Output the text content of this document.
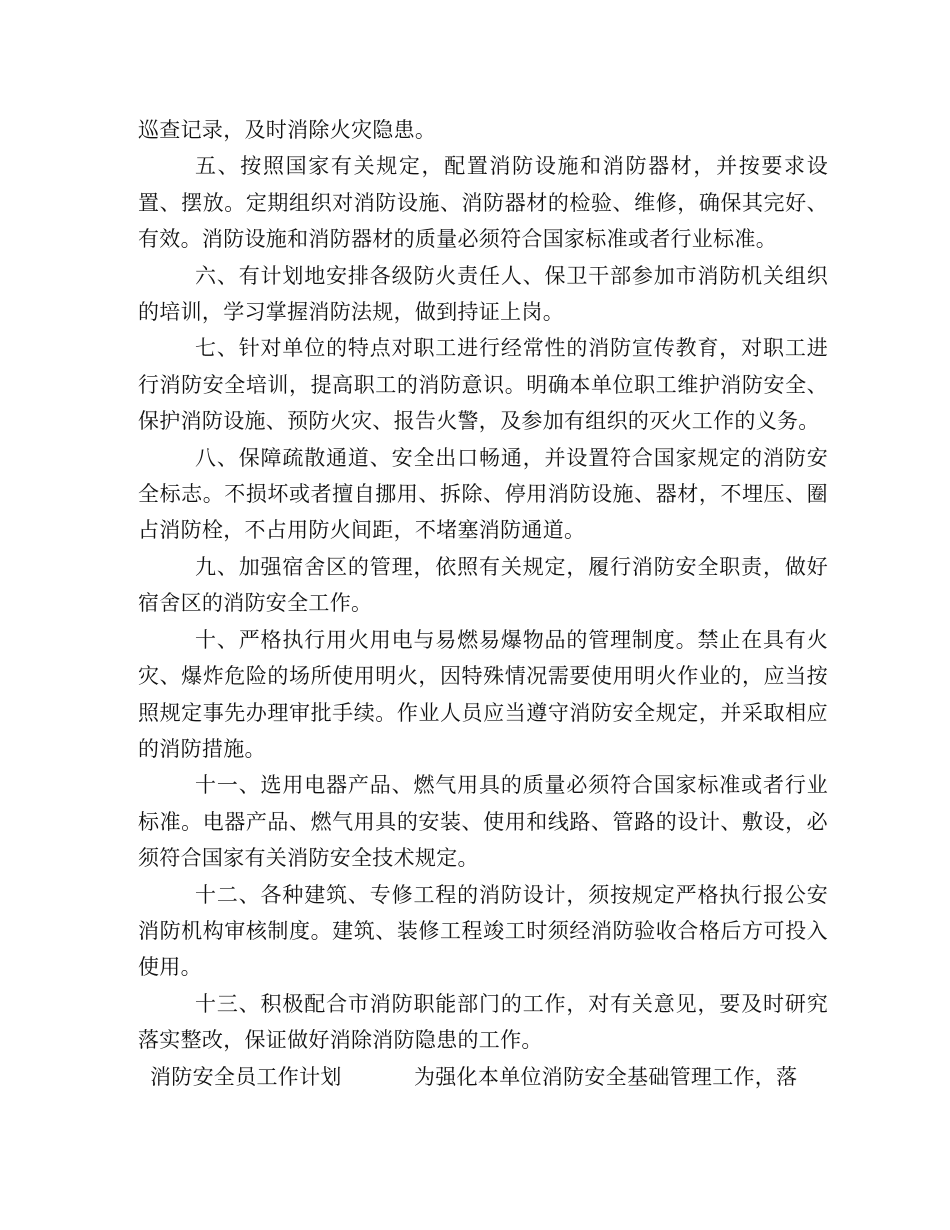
巡查记录，及时消除火灾隐患。

五、按照国家有关规定，配置消防设施和消防器材，并按要求设置、摆放。定期组织对消防设施、消防器材的检验、维修，确保其完好、有效。消防设施和消防器材的质量必须符合国家标准或者行业标准。

六、有计划地安排各级防火责任人、保卫干部参加市消防机关组织的培训，学习掌握消防法规，做到持证上岗。

七、针对单位的特点对职工进行经常性的消防宣传教育，对职工进行消防安全培训，提高职工的消防意识。明确本单位职工维护消防安全、保护消防设施、预防火灾、报告火警，及参加有组织的灭火工作的义务。

八、保障疏散通道、安全出口畅通，并设置符合国家规定的消防安全标志。不损坏或者擅自挪用、拆除、停用消防设施、器材，不埋压、圈占消防栓，不占用防火间距，不堵塞消防通道。

九、加强宿舍区的管理，依照有关规定，履行消防安全职责，做好宿舍区的消防安全工作。

十、严格执行用火用电与易燃易爆物品的管理制度。禁止在具有火灾、爆炸危险的场所使用明火，因特殊情况需要使用明火作业的，应当按照规定事先办理审批手续。作业人员应当遵守消防安全规定，并采取相应的消防措施。

十一、选用电器产品、燃气用具的质量必须符合国家标准或者行业标准。电器产品、燃气用具的安装、使用和线路、管路的设计、敷设，必须符合国家有关消防安全技术规定。

十二、各种建筑、专修工程的消防设计，须按规定严格执行报公安消防机构审核制度。建筑、装修工程竣工时须经消防验收合格后方可投入使用。

十三、积极配合市消防职能部门的工作，对有关意见，要及时研究落实整改，保证做好消除消防隐患的工作。

消防安全员工作计划	为强化本单位消防安全基础管理工作，落
